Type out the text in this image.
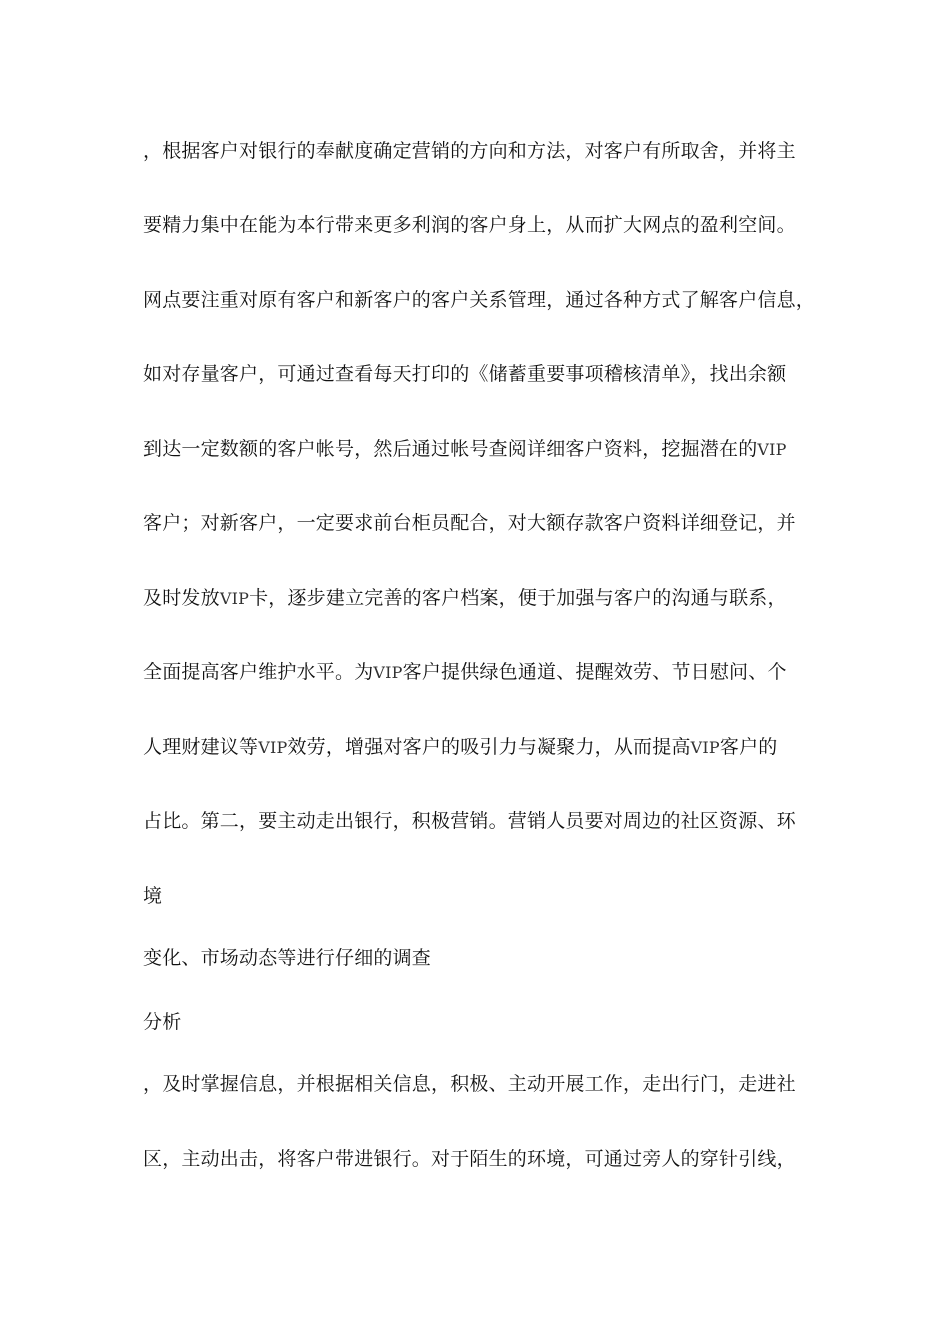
，根据客户对银行的奉献度确定营销的方向和方法，对客户有所取舍，并将主
要精力集中在能为本行带来更多利润的客户身上，从而扩大网点的盈利空间。
网点要注重对原有客户和新客户的客户关系管理，通过各种方式了解客户信息，
如对存量客户，可通过查看每天打印的《储蓄重要事项稽核清单》，找出余额
到达一定数额的客户帐号，然后通过帐号查阅详细客户资料，挖掘潜在的VIP
客户；对新客户，一定要求前台柜员配合，对大额存款客户资料详细登记，并
及时发放VIP卡，逐步建立完善的客户档案，便于加强与客户的沟通与联系，
全面提高客户维护水平。为VIP客户提供绿色通道、提醒效劳、节日慰问、个
人理财建议等VIP效劳，增强对客户的吸引力与凝聚力，从而提高VIP客户的
占比。第二，要主动走出银行，积极营销。营销人员要对周边的社区资源、环
境
变化、市场动态等进行仔细的调查
分析
，及时掌握信息，并根据相关信息，积极、主动开展工作，走出行门，走进社
区，主动出击，将客户带进银行。对于陌生的环境，可通过旁人的穿针引线，
